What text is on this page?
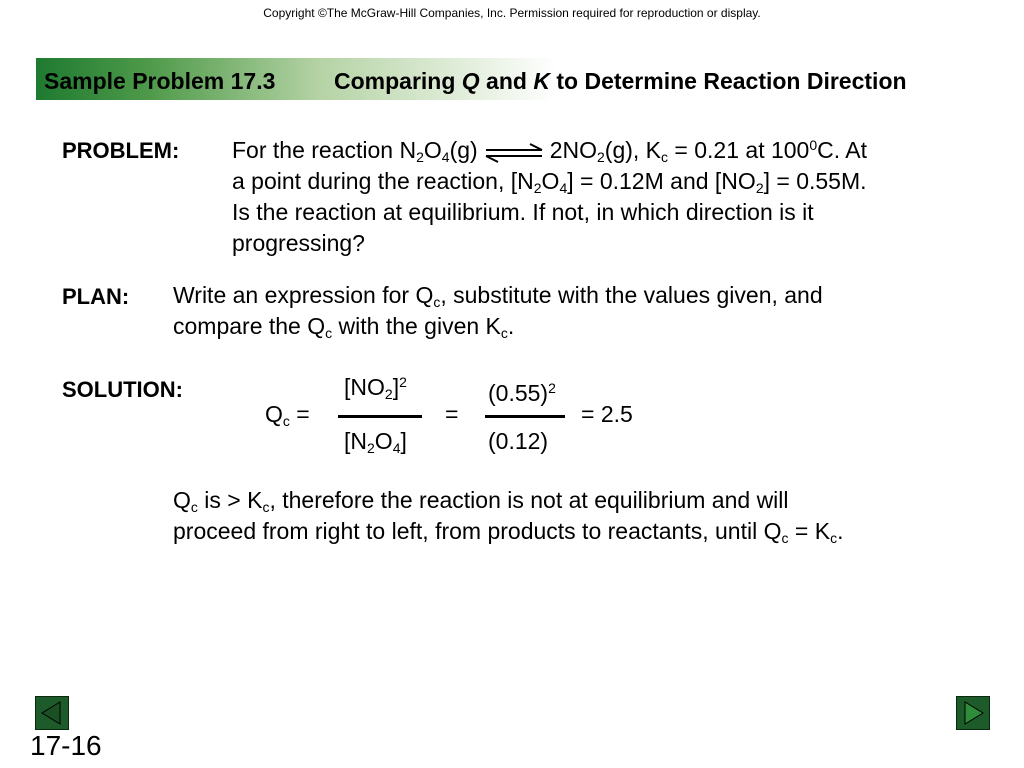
Copyright ©The McGraw-Hill Companies, Inc. Permission required for reproduction or display.
Sample Problem 17.3	Comparing Q and K to Determine Reaction Direction
PROBLEM: For the reaction $N_2O_4(g)$ ⇌ $2NO_2(g)$, $K_c = 0.21$ at $100^0C$. At
a point during the reaction, $[N_2O_4] = 0.12M$ and $[NO_2] = 0.55M$.
Is the reaction at equilibrium. If not, in which direction is it
progressing?
PLAN: Write an expression for $Q_c$, substitute with the values given, and
compare the $Q_c$ with the given $K_c$.
SOLUTION:
$Q_c$ =
$[NO_2]^2$
$[N_2O_4]$
=
$(0.55)^2$
(0.12)
= 2.5
$Q_c$ is > $K_c$, therefore the reaction is not at equilibrium and will
proceed from right to left, from products to reactants, until $Q_c = K_c$.
17-16
